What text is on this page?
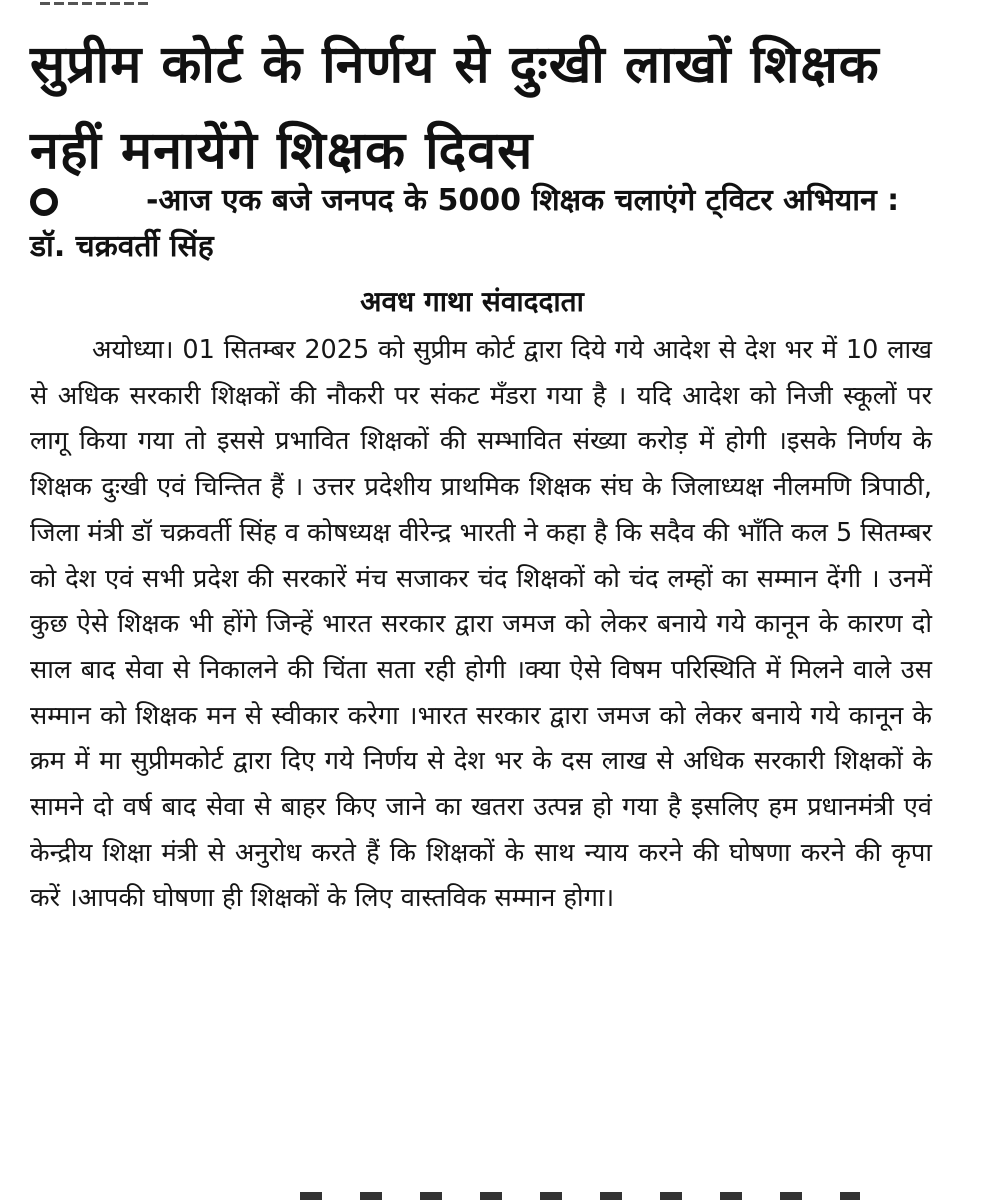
सुप्रीम कोर्ट के निर्णय से दुःखी लाखों शिक्षक नहीं मनायेंगे शिक्षक दिवस

-आज एक बजे जनपद के 5000 शिक्षक चलाएंगे ट्विटर अभियान : डॉ. चक्रवर्ती सिंह

अवध गाथा संवाददाता

अयोध्या। 01 सितम्बर 2025 को सुप्रीम कोर्ट द्वारा दिये गये आदेश से देश भर में 10 लाख से अधिक सरकारी शिक्षकों की नौकरी पर संकट मँडरा गया है । यदि आदेश को निजी स्कूलों पर लागू किया गया तो इससे प्रभावित शिक्षकों की सम्भावित संख्या करोड़ में होगी ।इसके निर्णय के शिक्षक दुःखी एवं चिन्तित हैं । उत्तर प्रदेशीय प्राथमिक शिक्षक संघ के जिलाध्यक्ष नीलमणि त्रिपाठी, जिला मंत्री डॉ चक्रवर्ती सिंह व कोषध्यक्ष वीरेन्द्र भारती ने कहा है कि सदैव की भाँति कल 5 सितम्बर को देश एवं सभी प्रदेश की सरकारें मंच सजाकर चंद शिक्षकों को चंद लम्हों का सम्मान देंगी । उनमें कुछ ऐसे शिक्षक भी होंगे जिन्हें भारत सरकार द्वारा जमज को लेकर बनाये गये कानून के कारण दो साल बाद सेवा से निकालने की चिंता सता रही होगी ।क्या ऐसे विषम परिस्थिति में मिलने वाले उस सम्मान को शिक्षक मन से स्वीकार करेगा ।भारत सरकार द्वारा जमज को लेकर बनाये गये कानून के क्रम में मा सुप्रीमकोर्ट द्वारा दिए गये निर्णय से देश भर के दस लाख से अधिक सरकारी शिक्षकों के सामने दो वर्ष बाद सेवा से बाहर किए जाने का खतरा उत्पन्न हो गया है इसलिए हम प्रधानमंत्री एवं केन्द्रीय शिक्षा मंत्री से अनुरोध करते हैं कि शिक्षकों के साथ न्याय करने की घोषणा करने की कृपा करें ।आपकी घोषणा ही शिक्षकों के लिए वास्तविक सम्मान होगा।
